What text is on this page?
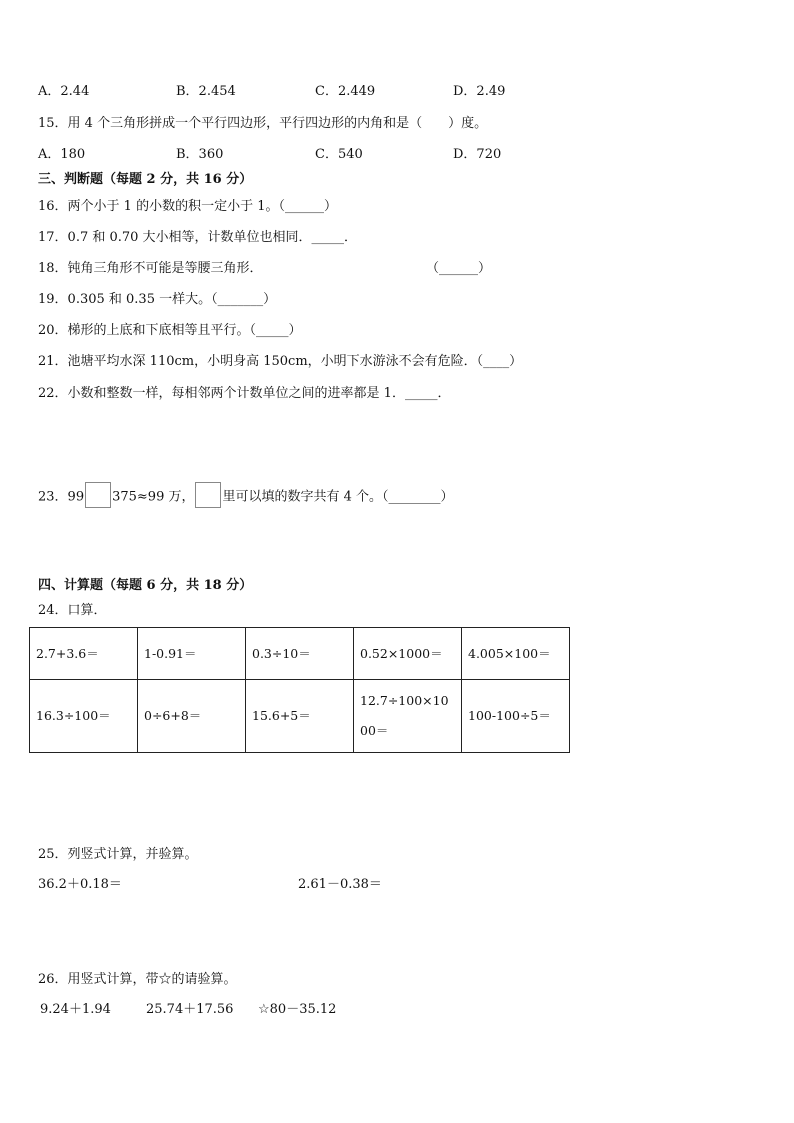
A．2.44	B．2.454	C．2.449	D．2.49
15．用 4 个三角形拼成一个平行四边形，平行四边形的内角和是（　　）度。
A．180	B．360	C．540	D．720
三、判断题（每题 2 分，共 16 分）
16．两个小于 1 的小数的积一定小于 1。（______）
17．0.7 和 0.70 大小相等，计数单位也相同．_____．
18．钝角三角形不可能是等腰三角形．	（______）
19．0.305 和 0.35 一样大。（_______）
20．梯形的上底和下底相等且平行。（_____）
21．池塘平均水深 110cm，小明身高 150cm，小明下水游泳不会有危险．（____）
22．小数和整数一样，每相邻两个计数单位之间的进率都是 1．_____．
23．99 375≈99 万， 里可以填的数字共有 4 个。（________）
四、计算题（每题 6 分，共 18 分）
24．口算．
2.7+3.6＝	1-0.91＝	0.3÷10＝	0.52×1000＝	4.005×100＝
16.3÷100＝	0÷6+8＝	15.6+5＝	12.7÷100×1000＝	100-100÷5＝
25．列竖式计算，并验算。
36.2＋0.18＝	2.61－0.38＝
26．用竖式计算，带☆的请验算。
9.24＋1.94	25.74＋17.56 ☆80－35.12
